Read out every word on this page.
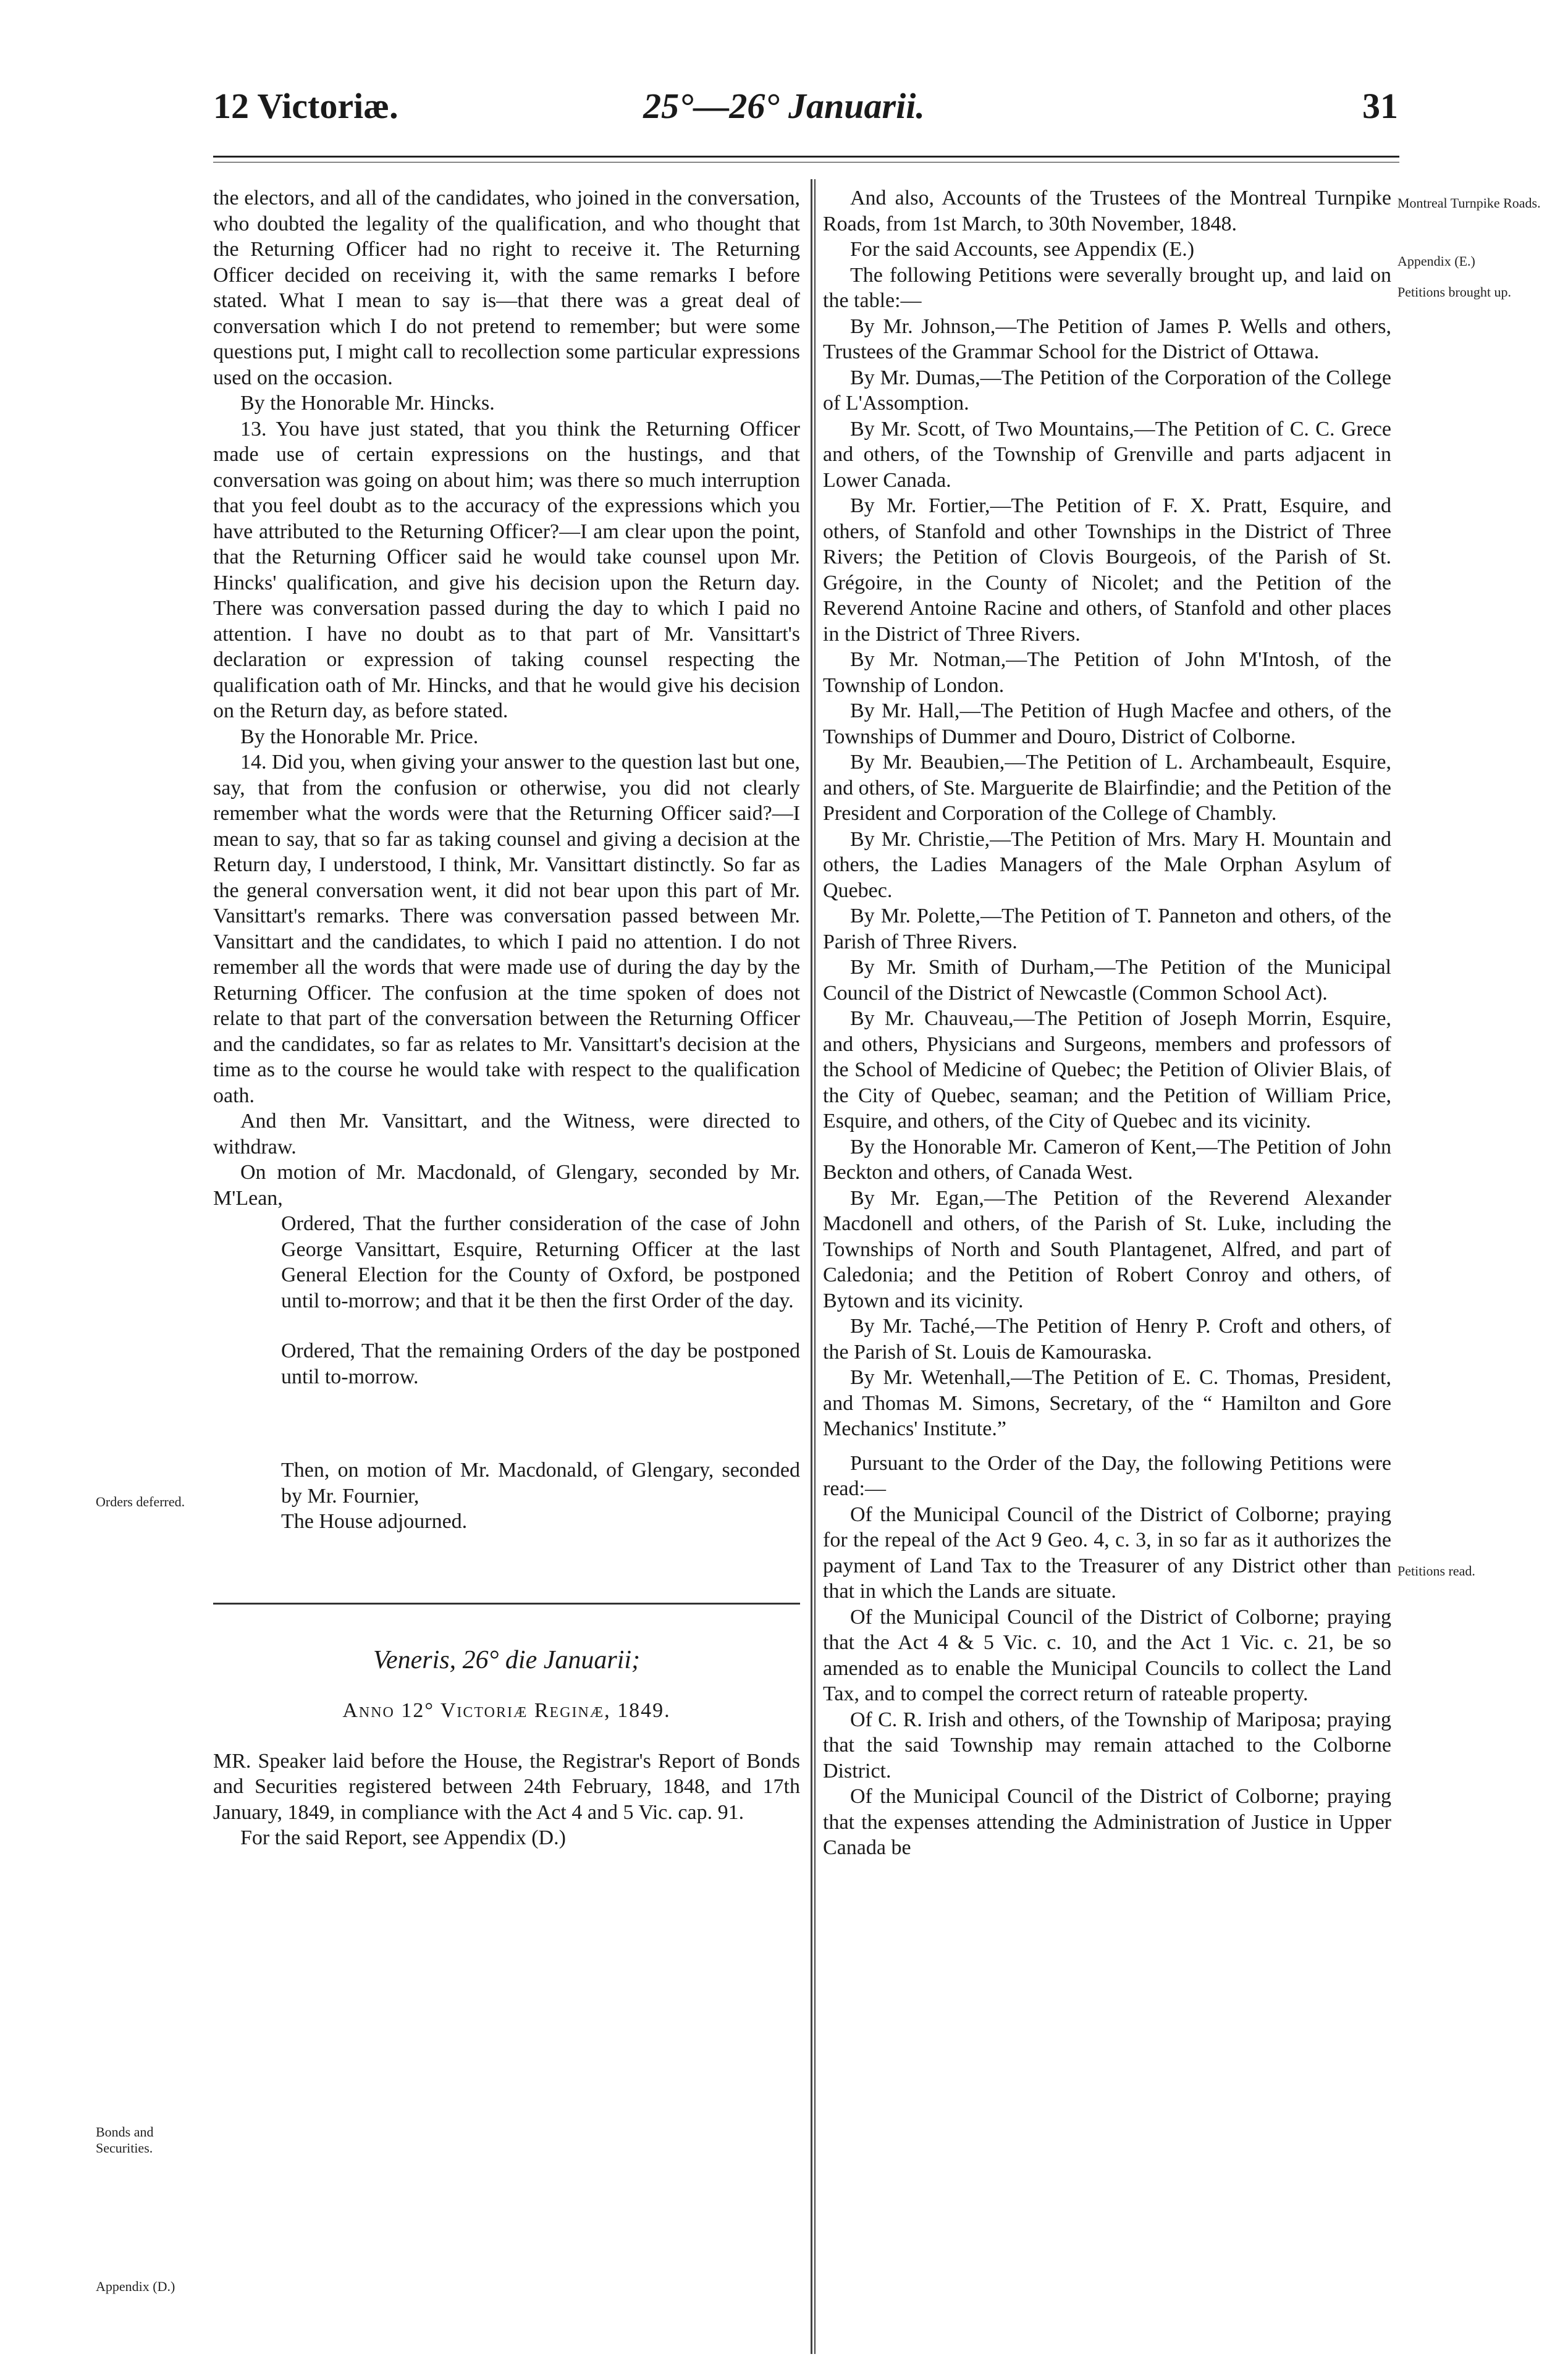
12 Victoriæ.	25°—26° Januarii.	31
Orders deferred.
Bonds and Securities.
Appendix (D.)
Montreal Turnpike Roads.
Appendix (E.)
Petitions brought up.
Petitions read.

the electors, and all of the candidates, who joined in the conversation, who doubted the legality of the qualification, and who thought that the Returning Officer had no right to receive it. The Returning Officer decided on receiving it, with the same remarks I before stated. What I mean to say is—that there was a great deal of conversation which I do not pretend to remember; but were some questions put, I might call to recollection some particular expressions used on the occasion.

By the Honorable Mr. Hincks.

13. You have just stated, that you think the Returning Officer made use of certain expressions on the hustings, and that conversation was going on about him; was there so much interruption that you feel doubt as to the accuracy of the expressions which you have attributed to the Returning Officer?—I am clear upon the point, that the Returning Officer said he would take counsel upon Mr. Hincks' qualification, and give his decision upon the Return day. There was conversation passed during the day to which I paid no attention. I have no doubt as to that part of Mr. Vansittart's declaration or expression of taking counsel respecting the qualification oath of Mr. Hincks, and that he would give his decision on the Return day, as before stated.

By the Honorable Mr. Price.

14. Did you, when giving your answer to the question last but one, say, that from the confusion or otherwise, you did not clearly remember what the words were that the Returning Officer said?—I mean to say, that so far as taking counsel and giving a decision at the Return day, I understood, I think, Mr. Vansittart distinctly. So far as the general conversation went, it did not bear upon this part of Mr. Vansittart's remarks. There was conversation passed between Mr. Vansittart and the candidates, to which I paid no attention. I do not remember all the words that were made use of during the day by the Returning Officer. The confusion at the time spoken of does not relate to that part of the conversation between the Returning Officer and the candidates, so far as relates to Mr. Vansittart's decision at the time as to the course he would take with respect to the qualification oath.

And then Mr. Vansittart, and the Witness, were directed to withdraw.

On motion of Mr. Macdonald, of Glengary, seconded by Mr. M'Lean,

Ordered, That the further consideration of the case of John George Vansittart, Esquire, Returning Officer at the last General Election for the County of Oxford, be postponed until to-morrow; and that it be then the first Order of the day.

Ordered, That the remaining Orders of the day be postponed until to-morrow.

Then, on motion of Mr. Macdonald, of Glengary, seconded by Mr. Fournier,

The House adjourned.

Veneris, 26° die Januarii;

Anno 12° Victoriæ Reginæ, 1849.

MR. Speaker laid before the House, the Registrar's Report of Bonds and Securities registered between 24th February, 1848, and 17th January, 1849, in compliance with the Act 4 and 5 Vic. cap. 91.

For the said Report, see Appendix (D.)

And also, Accounts of the Trustees of the Montreal Turnpike Roads, from 1st March, to 30th November, 1848.

For the said Accounts, see Appendix (E.)

The following Petitions were severally brought up, and laid on the table:—

By Mr. Johnson,—The Petition of James P. Wells and others, Trustees of the Grammar School for the District of Ottawa.

By Mr. Dumas,—The Petition of the Corporation of the College of L'Assomption.

By Mr. Scott, of Two Mountains,—The Petition of C. C. Grece and others, of the Township of Grenville and parts adjacent in Lower Canada.

By Mr. Fortier,—The Petition of F. X. Pratt, Esquire, and others, of Stanfold and other Townships in the District of Three Rivers; the Petition of Clovis Bourgeois, of the Parish of St. Grégoire, in the County of Nicolet; and the Petition of the Reverend Antoine Racine and others, of Stanfold and other places in the District of Three Rivers.

By Mr. Notman,—The Petition of John M'Intosh, of the Township of London.

By Mr. Hall,—The Petition of Hugh Macfee and others, of the Townships of Dummer and Douro, District of Colborne.

By Mr. Beaubien,—The Petition of L. Archambeault, Esquire, and others, of Ste. Marguerite de Blairfindie; and the Petition of the President and Corporation of the College of Chambly.

By Mr. Christie,—The Petition of Mrs. Mary H. Mountain and others, the Ladies Managers of the Male Orphan Asylum of Quebec.

By Mr. Polette,—The Petition of T. Panneton and others, of the Parish of Three Rivers.

By Mr. Smith of Durham,—The Petition of the Municipal Council of the District of Newcastle (Common School Act).

By Mr. Chauveau,—The Petition of Joseph Morrin, Esquire, and others, Physicians and Surgeons, members and professors of the School of Medicine of Quebec; the Petition of Olivier Blais, of the City of Quebec, seaman; and the Petition of William Price, Esquire, and others, of the City of Quebec and its vicinity.

By the Honorable Mr. Cameron of Kent,—The Petition of John Beckton and others, of Canada West.

By Mr. Egan,—The Petition of the Reverend Alexander Macdonell and others, of the Parish of St. Luke, including the Townships of North and South Plantagenet, Alfred, and part of Caledonia; and the Petition of Robert Conroy and others, of Bytown and its vicinity.

By Mr. Taché,—The Petition of Henry P. Croft and others, of the Parish of St. Louis de Kamouraska.

By Mr. Wetenhall,—The Petition of E. C. Thomas, President, and Thomas M. Simons, Secretary, of the “ Hamilton and Gore Mechanics' Institute.”

Pursuant to the Order of the Day, the following Petitions were read:—

Of the Municipal Council of the District of Colborne; praying for the repeal of the Act 9 Geo. 4, c. 3, in so far as it authorizes the payment of Land Tax to the Treasurer of any District other than that in which the Lands are situate.

Of the Municipal Council of the District of Colborne; praying that the Act 4 & 5 Vic. c. 10, and the Act 1 Vic. c. 21, be so amended as to enable the Municipal Councils to collect the Land Tax, and to compel the correct return of rateable property.

Of C. R. Irish and others, of the Township of Mariposa; praying that the said Township may remain attached to the Colborne District.

Of the Municipal Council of the District of Colborne; praying that the expenses attending the Administration of Justice in Upper Canada be
